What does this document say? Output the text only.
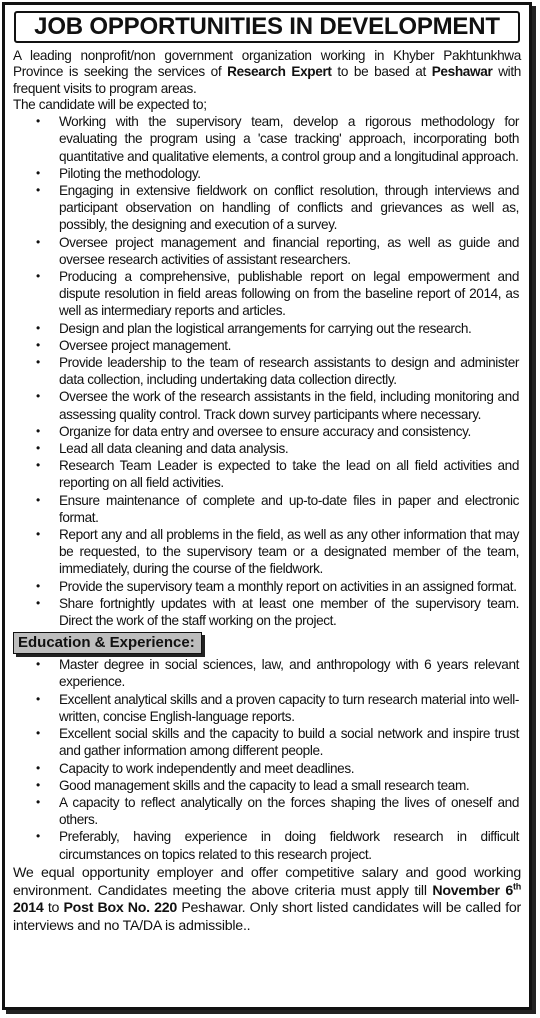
JOB OPPORTUNITIES IN DEVELOPMENT

A leading nonprofit/non government organization working in Khyber Pakhtunkhwa Province is seeking the services of Research Expert to be based at Peshawar with frequent visits to program areas.

The candidate will be expected to;

• Working with the supervisory team, develop a rigorous methodology for evaluating the program using a 'case tracking' approach, incorporating both quantitative and qualitative elements, a control group and a longitudinal approach.
• Piloting the methodology.
• Engaging in extensive fieldwork on conflict resolution, through interviews and participant observation on handling of conflicts and grievances as well as, possibly, the designing and execution of a survey.
• Oversee project management and financial reporting, as well as guide and oversee research activities of assistant researchers.
• Producing a comprehensive, publishable report on legal empowerment and dispute resolution in field areas following on from the baseline report of 2014, as well as intermediary reports and articles.
• Design and plan the logistical arrangements for carrying out the research.
• Oversee project management.
• Provide leadership to the team of research assistants to design and administer data collection, including undertaking data collection directly.
• Oversee the work of the research assistants in the field, including monitoring and assessing quality control. Track down survey participants where necessary.
• Organize for data entry and oversee to ensure accuracy and consistency.
• Lead all data cleaning and data analysis.
• Research Team Leader is expected to take the lead on all field activities and reporting on all field activities.
• Ensure maintenance of complete and up-to-date files in paper and electronic format.
• Report any and all problems in the field, as well as any other information that may be requested, to the supervisory team or a designated member of the team, immediately, during the course of the fieldwork.
• Provide the supervisory team a monthly report on activities in an assigned format.
• Share fortnightly updates with at least one member of the supervisory team. Direct the work of the staff working on the project.
Education & Experience:
• Master degree in social sciences, law, and anthropology with 6 years relevant experience.
• Excellent analytical skills and a proven capacity to turn research material into well-written, concise English-language reports.
• Excellent social skills and the capacity to build a social network and inspire trust and gather information among different people.
• Capacity to work independently and meet deadlines.
• Good management skills and the capacity to lead a small research team.
• A capacity to reflect analytically on the forces shaping the lives of oneself and others.
• Preferably, having experience in doing fieldwork research in difficult circumstances on topics related to this research project.

We equal opportunity employer and offer competitive salary and good working environment. Candidates meeting the above criteria must apply till November 6th 2014 to Post Box No. 220 Peshawar. Only short listed candidates will be called for interviews and no TA/DA is admissible..
